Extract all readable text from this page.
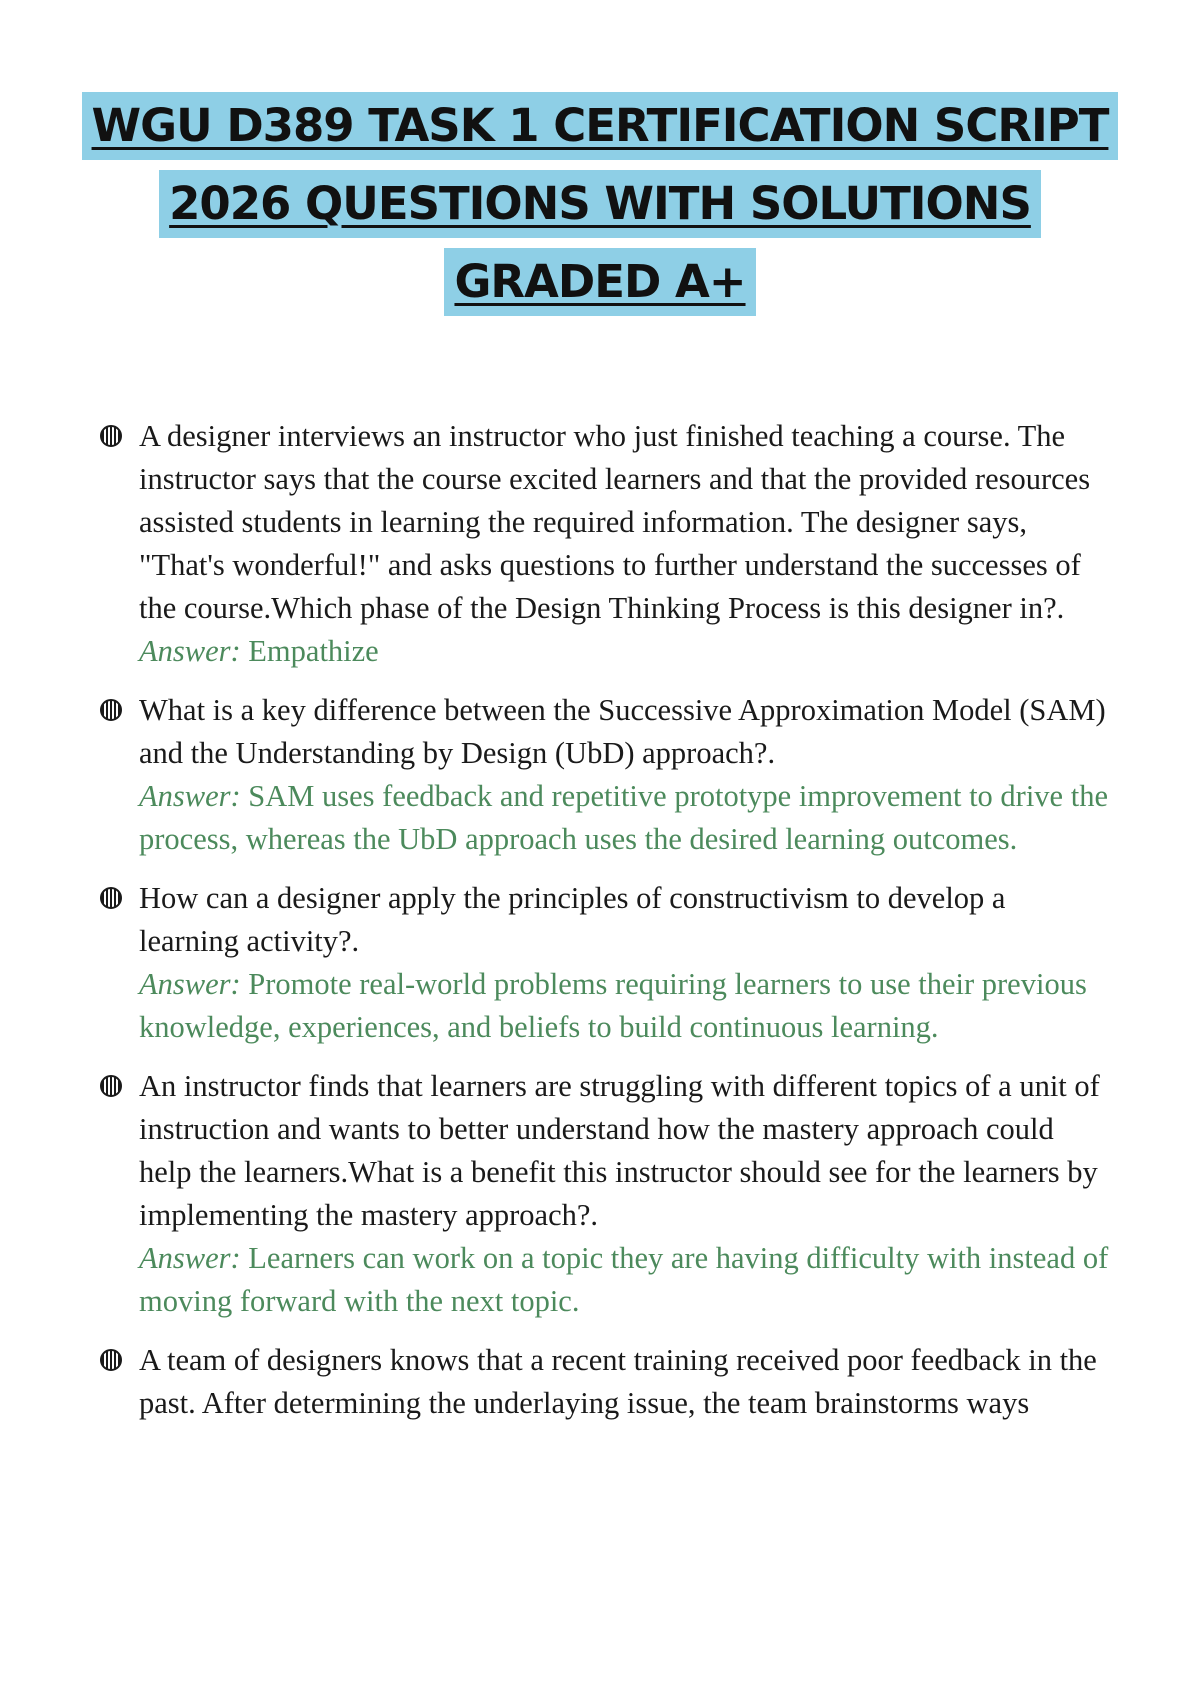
WGU D389 TASK 1 CERTIFICATION SCRIPT
2026 QUESTIONS WITH SOLUTIONS
GRADED A+

A designer interviews an instructor who just finished teaching a course. The instructor says that the course excited learners and that the provided resources assisted students in learning the required information. The designer says, "That's wonderful!" and asks questions to further understand the successes of the course.Which phase of the Design Thinking Process is this designer in?.

Answer: Empathize

What is a key difference between the Successive Approximation Model (SAM) and the Understanding by Design (UbD) approach?.

Answer: SAM uses feedback and repetitive prototype improvement to drive the process, whereas the UbD approach uses the desired learning outcomes.

How can a designer apply the principles of constructivism to develop a learning activity?.

Answer: Promote real-world problems requiring learners to use their previous knowledge, experiences, and beliefs to build continuous learning.

An instructor finds that learners are struggling with different topics of a unit of instruction and wants to better understand how the mastery approach could help the learners.What is a benefit this instructor should see for the learners by implementing the mastery approach?.

Answer: Learners can work on a topic they are having difficulty with instead of moving forward with the next topic.

A team of designers knows that a recent training received poor feedback in the past. After determining the underlaying issue, the team brainstorms ways
